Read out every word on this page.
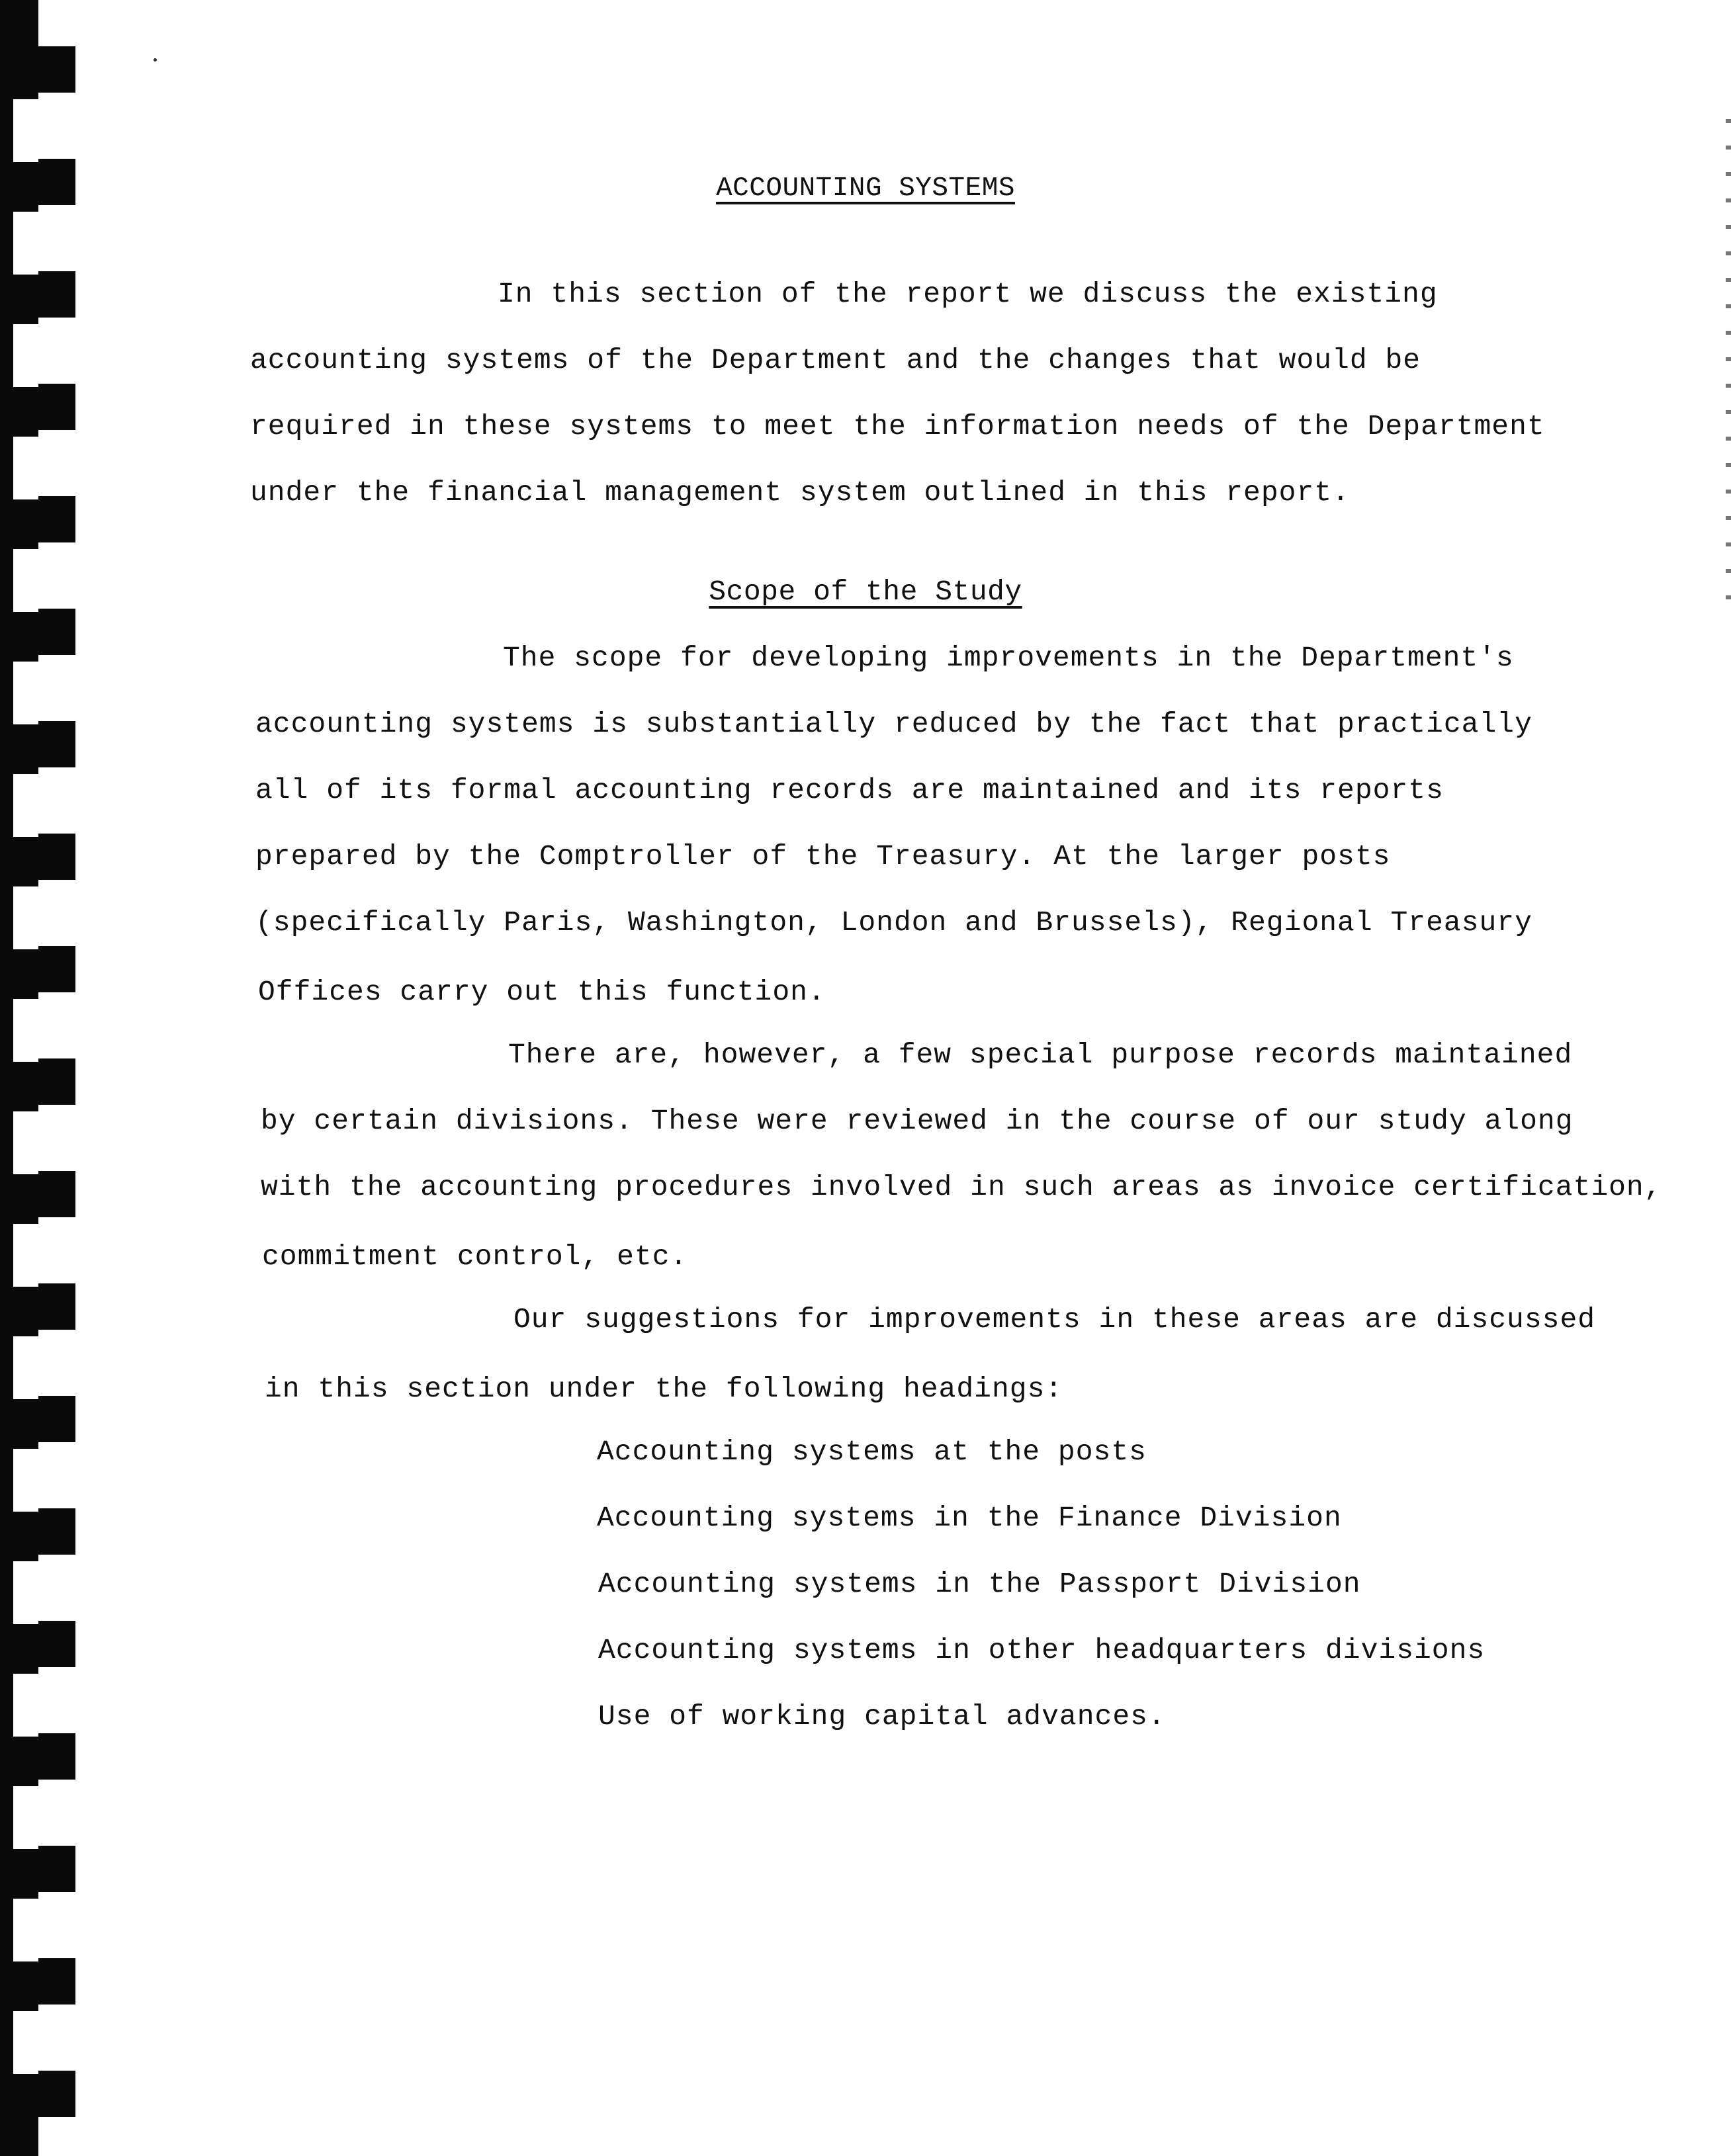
ACCOUNTING SYSTEMS
In this section of the report we discuss the existing
accounting systems of the Department and the changes that would be
required in these systems to meet the information needs of the Department
under the financial management system outlined in this report.
Scope of the Study
The scope for developing improvements in the Department's
accounting systems is substantially reduced by the fact that practically
all of its formal accounting records are maintained and its reports
prepared by the Comptroller of the Treasury. At the larger posts
(specifically Paris, Washington, London and Brussels), Regional Treasury
Offices carry out this function.
There are, however, a few special purpose records maintained
by certain divisions. These were reviewed in the course of our study along
with the accounting procedures involved in such areas as invoice certification,
commitment control, etc.
Our suggestions for improvements in these areas are discussed
in this section under the following headings:
Accounting systems at the posts
Accounting systems in the Finance Division
Accounting systems in the Passport Division
Accounting systems in other headquarters divisions
Use of working capital advances.
